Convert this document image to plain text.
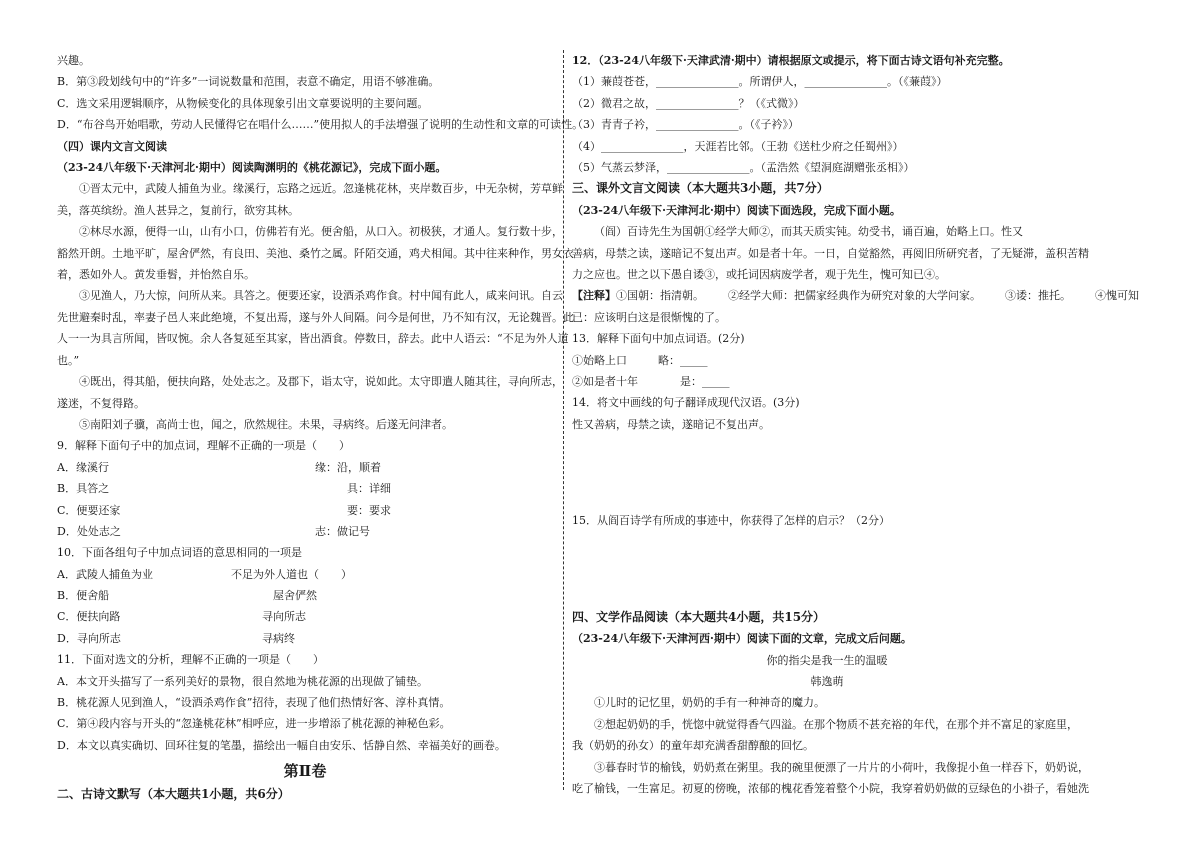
兴趣。

B．第③段划线句中的“许多”一词说数量和范围，表意不确定，用语不够准确。

C．选文采用逻辑顺序，从物候变化的具体现象引出文章要说明的主要问题。

D．“布谷鸟开始唱歌，劳动人民懂得它在唱什么……”使用拟人的手法增强了说明的生动性和文章的可读性。

（四）课内文言文阅读

（23-24八年级下·天津河北·期中）阅读陶渊明的《桃花源记》，完成下面小题。

①晋太元中，武陵人捕鱼为业。缘溪行，忘路之远近。忽逢桃花林，夹岸数百步，中无杂树，芳草鲜

美，落英缤纷。渔人甚异之，复前行，欲穷其林。

②林尽水源，便得一山，山有小口，仿佛若有光。便舍船，从口入。初极狭，才通人。复行数十步，

豁然开朗。土地平旷，屋舍俨然，有良田、美池、桑竹之属。阡陌交通，鸡犬相闻。其中往来种作，男女衣

着，悉如外人。黄发垂髫，并怡然自乐。

③见渔人，乃大惊，问所从来。具答之。便要还家，设酒杀鸡作食。村中闻有此人，咸来问讯。自云

先世避秦时乱，率妻子邑人来此绝境，不复出焉，遂与外人间隔。问今是何世，乃不知有汉，无论魏晋。此

人一一为具言所闻，皆叹惋。余人各复延至其家，皆出酒食。停数日，辞去。此中人语云：“不足为外人道

也。”

④既出，得其船，便扶向路，处处志之。及郡下，诣太守，说如此。太守即遣人随其往，寻向所志，

遂迷，不复得路。

⑤南阳刘子骥，高尚士也，闻之，欣然规往。未果，寻病终。后遂无问津者。

9．解释下面句子中的加点词，理解不正确的一项是（　　）

A．缘溪行	缘：沿，顺着
B．具答之	具：详细
C．便要还家	要：要求
D．处处志之	志：做记号

10．下面各组句子中加点词语的意思相同的一项是

A．武陵人捕鱼为业	不足为外人道也（　　）
B．便舍船	屋舍俨然
C．便扶向路	寻向所志
D．寻向所志	寻病终

11．下面对选文的分析，理解不正确的一项是（　　）

A．本文开头描写了一系列美好的景物，很自然地为桃花源的出现做了铺垫。

B．桃花源人见到渔人，“设酒杀鸡作食”招待，表现了他们热情好客、淳朴真情。

C．第④段内容与开头的“忽逢桃花林”相呼应，进一步增添了桃花源的神秘色彩。

D．本文以真实确切、回环往复的笔墨，描绘出一幅自由安乐、恬静自然、幸福美好的画卷。

第Ⅱ卷

二、古诗文默写（本大题共1小题，共6分）

12．（23-24八年级下·天津武清·期中）请根据原文或提示，将下面古诗文语句补充完整。

（1）蒹葭苍苍，_______________。所谓伊人，_______________。（《蒹葭》）

（2）微君之故，_______________？（《式微》）

（3）青青子衿，_______________。（《子衿》）

（4）_______________，天涯若比邻。（王勃《送杜少府之任蜀州》）

（5）气蒸云梦泽，_______________。（孟浩然《望洞庭湖赠张丞相》）

三、课外文言文阅读（本大题共3小题，共7分）

（23-24八年级下·天津河北·期中）阅读下面选段，完成下面小题。

（阎）百诗先生为国朝①经学大师②，而其天质实钝。幼受书，诵百遍，始略上口。性又

善病，母禁之读，遂暗记不复出声。如是者十年。一日，自觉豁然，再阅旧所研究者，了无疑滞，盖积苦精

力之应也。世之以下愚自诿③，或托词因病废学者，观于先生，愧可知已④。

【注释】①国朝：指清朝。 ②经学大师：把儒家经典作为研究对象的大学问家。 ③诿：推托。 ④愧可知

已：应该明白这是很惭愧的了。

13．解释下面句中加点词语。(2分)

①始略上口	略：_____
②如是者十年	是：_____

14．将文中画线的句子翻译成现代汉语。(3分)

性又善病，母禁之读，遂暗记不复出声。

15．从阎百诗学有所成的事迹中，你获得了怎样的启示？（2分）

四、文学作品阅读（本大题共4小题，共15分）

（23-24八年级下·天津河西·期中）阅读下面的文章，完成文后问题。

你的指尖是我一生的温暖

韩逸萌

①儿时的记忆里，奶奶的手有一种神奇的魔力。

②想起奶奶的手，恍惚中就觉得香气四溢。在那个物质不甚充裕的年代，在那个并不富足的家庭里，

我（奶奶的孙女）的童年却充满香甜醇酿的回忆。

③暮春时节的榆钱，奶奶煮在粥里。我的碗里便漂了一片片的小荷叶，我像捉小鱼一样吞下，奶奶说，

吃了榆钱，一生富足。初夏的傍晚，浓郁的槐花香笼着整个小院，我穿着奶奶做的豆绿色的小褂子，看她洗
